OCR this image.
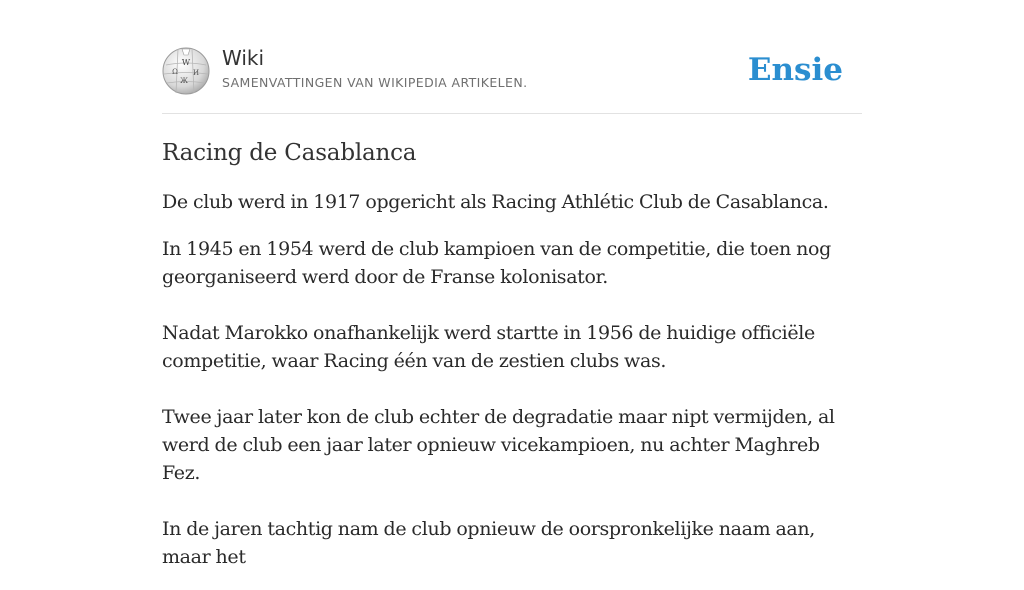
W
Ω И
Ж
Wiki
SAMENVATTINGEN VAN WIKIPEDIA ARTIKELEN.	Ensie
Racing de Casablanca

De club werd in 1917 opgericht als Racing Athlétic Club de Casablanca.

In 1945 en 1954 werd de club kampioen van de competitie, die toen nog georganiseerd werd door de Franse kolonisator.

Nadat Marokko onafhankelijk werd startte in 1956 de huidige officiële competitie, waar Racing één van de zestien clubs was.

Twee jaar later kon de club echter de degradatie maar nipt vermijden, al werd de club een jaar later opnieuw vicekampioen, nu achter Maghreb Fez.

In de jaren tachtig nam de club opnieuw de oorspronkelijke naam aan, maar het
